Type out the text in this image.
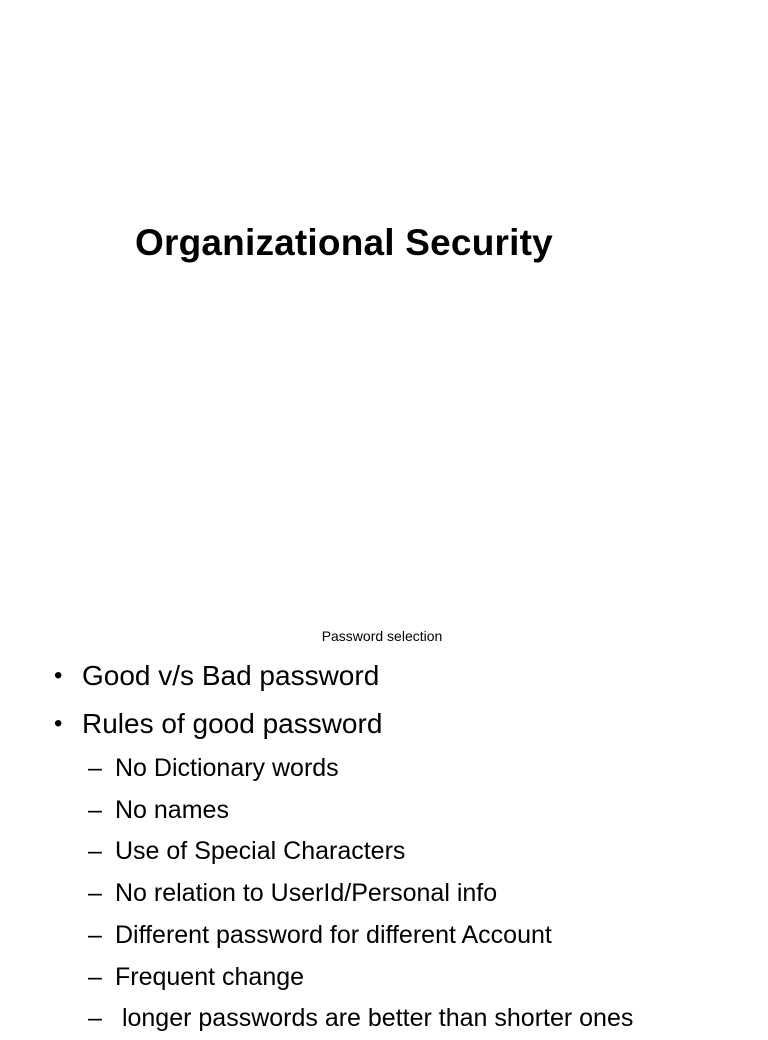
Organizational Security
Password selection
• Good v/s Bad password
• Rules of good password
– No Dictionary words
– No names
– Use of Special Characters
– No relation to UserId/Personal info
– Different password for different Account
– Frequent change
– longer passwords are better than shorter ones
